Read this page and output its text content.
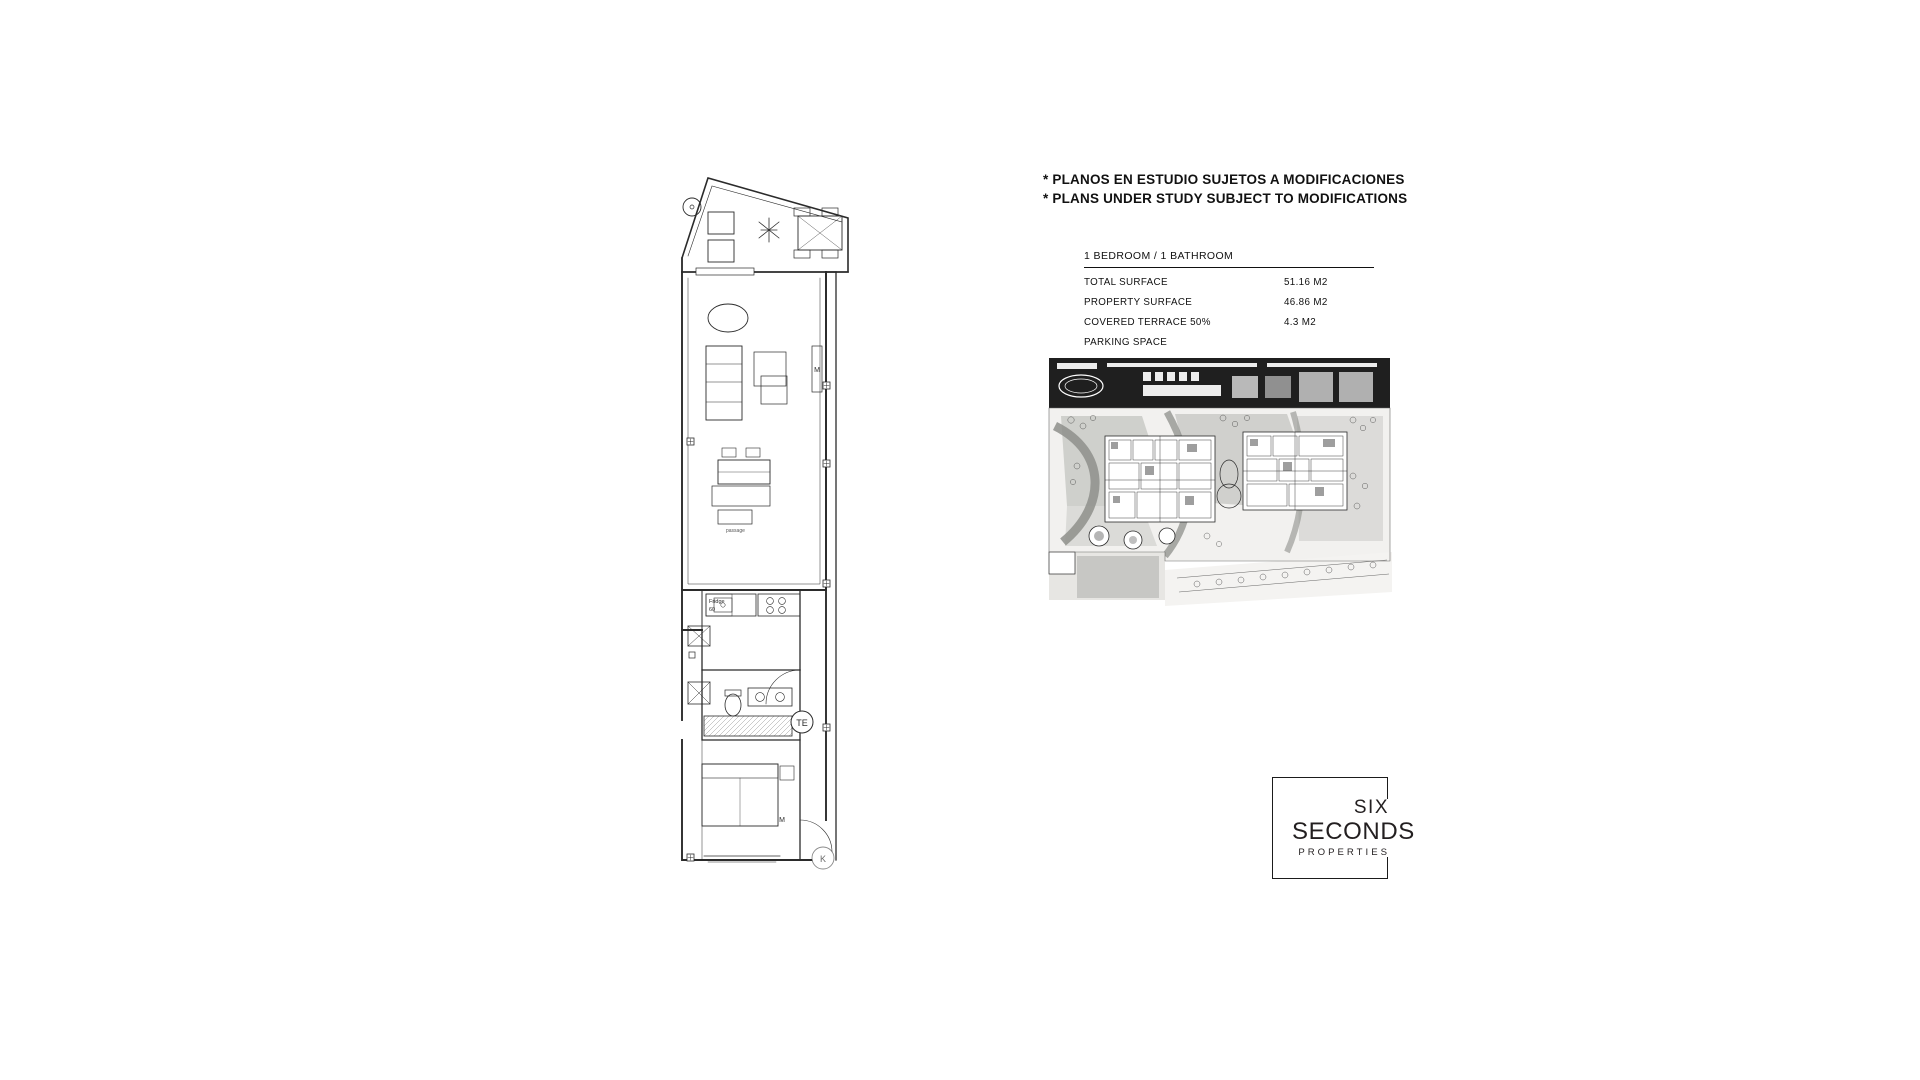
* PLANOS EN ESTUDIO SUJETOS A MODIFICACIONES
* PLANS UNDER STUDY SUBJECT TO MODIFICATIONS
1 BEDROOM / 1 BATHROOM
TOTAL SURFACE	51.16 M2
PROPERTY SURFACE	46.86 M2
COVERED TERRACE 50%	4.3 M2
PARKING SPACE
M
TE
M
K
Fridge
60
passage
SIX
SECONDS
PROPERTIES
